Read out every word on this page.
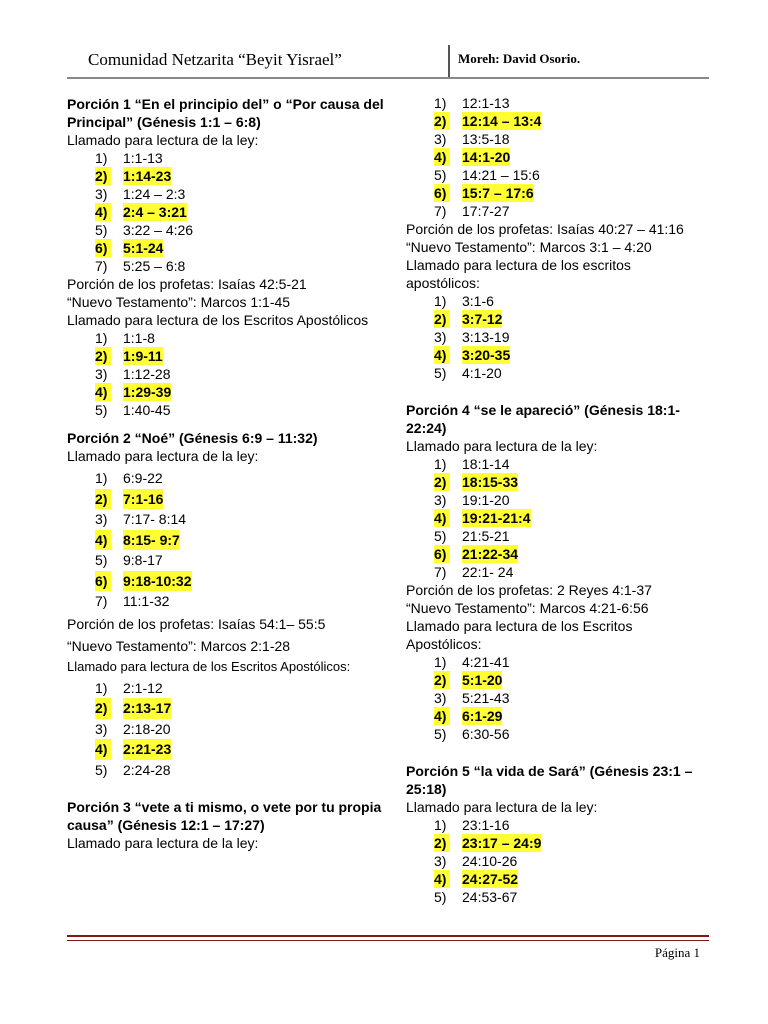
Comunidad Netzarita “Beyit Yisrael”	Moreh: David Osorio.
Porción 1 “En el principio del” o “Por causa del Principal” (Génesis 1:1 – 6:8)
Llamado para lectura de la ley:
1) 1:1-13
2) 1:14-23
3) 1:24 – 2:3
4) 2:4 – 3:21
5) 3:22 – 4:26
6) 5:1-24
7) 5:25 – 6:8
Porción de los profetas: Isaías 42:5-21
“Nuevo Testamento”: Marcos 1:1-45
Llamado para lectura de los Escritos Apostólicos
1) 1:1-8
2) 1:9-11
3) 1:12-28
4) 1:29-39
5) 1:40-45
Porción 2 “Noé” (Génesis 6:9 – 11:32)
Llamado para lectura de la ley:
1) 6:9-22
2) 7:1-16
3) 7:17- 8:14
4) 8:15- 9:7
5) 9:8-17
6) 9:18-10:32
7) 11:1-32
Porción de los profetas: Isaías 54:1– 55:5
“Nuevo Testamento”: Marcos 2:1-28
Llamado para lectura de los Escritos Apostólicos:
1) 2:1-12
2) 2:13-17
3) 2:18-20
4) 2:21-23
5) 2:24-28
Porción 3 “vete a ti mismo, o vete por tu propia causa” (Génesis 12:1 – 17:27)
Llamado para lectura de la ley:
1) 12:1-13
2) 12:14 – 13:4
3) 13:5-18
4) 14:1-20
5) 14:21 – 15:6
6) 15:7 – 17:6
7) 17:7-27
Porción de los profetas: Isaías 40:27 – 41:16
“Nuevo Testamento”: Marcos 3:1 – 4:20
Llamado para lectura de los escritos apostólicos:
1) 3:1-6
2) 3:7-12
3) 3:13-19
4) 3:20-35
5) 4:1-20
Porción 4 “se le apareció” (Génesis 18:1-22:24)
Llamado para lectura de la ley:
1) 18:1-14
2) 18:15-33
3) 19:1-20
4) 19:21-21:4
5) 21:5-21
6) 21:22-34
7) 22:1- 24
Porción de los profetas: 2 Reyes 4:1-37
“Nuevo Testamento”: Marcos 4:21-6:56
Llamado para lectura de los Escritos Apostólicos:
1) 4:21-41
2) 5:1-20
3) 5:21-43
4) 6:1-29
5) 6:30-56
Porción 5 “la vida de Sará” (Génesis 23:1 – 25:18)
Llamado para lectura de la ley:
1) 23:1-16
2) 23:17 – 24:9
3) 24:10-26
4) 24:27-52
5) 24:53-67
Página 1
